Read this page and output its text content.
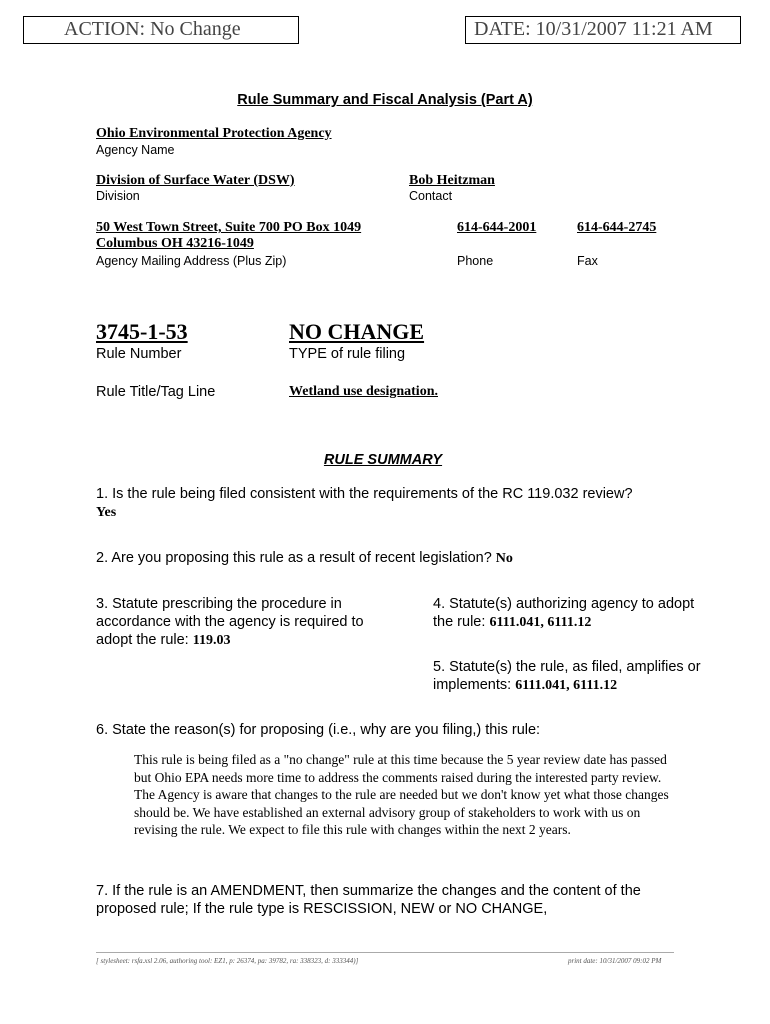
ACTION: No Change	DATE: 10/31/2007 11:21 AM
Rule Summary and Fiscal Analysis (Part A)
Ohio Environmental Protection Agency
Agency Name
Division of Surface Water (DSW)
Division
Bob Heitzman
Contact
50 West Town Street, Suite 700 PO Box 1049
Columbus OH 43216-1049
Agency Mailing Address (Plus Zip)
614-644-2001
Phone
614-644-2745
Fax
3745-1-53
Rule Number
NO CHANGE
TYPE of rule filing
Rule Title/Tag Line	Wetland use designation.
RULE SUMMARY
1. Is the rule being filed consistent with the requirements of the RC 119.032 review? Yes
2. Are you proposing this rule as a result of recent legislation? No
3. Statute prescribing the procedure in accordance with the agency is required to adopt the rule: 119.03
4. Statute(s) authorizing agency to adopt the rule: 6111.041, 6111.12
5. Statute(s) the rule, as filed, amplifies or implements: 6111.041, 6111.12
6. State the reason(s) for proposing (i.e., why are you filing,) this rule:
This rule is being filed as a "no change" rule at this time because the 5 year review date has passed but Ohio EPA needs more time to address the comments raised during the interested party review. The Agency is aware that changes to the rule are needed but we don't know yet what those changes should be. We have established an external advisory group of stakeholders to work with us on revising the rule. We expect to file this rule with changes within the next 2 years.
7. If the rule is an AMENDMENT, then summarize the changes and the content of the proposed rule; If the rule type is RESCISSION, NEW or NO CHANGE,
[ stylesheet: rsfa.xsl 2.06, authoring tool: EZ1, p: 26374, pa: 39782, ra: 338323, d: 333344)]	print date: 10/31/2007 09:02 PM
